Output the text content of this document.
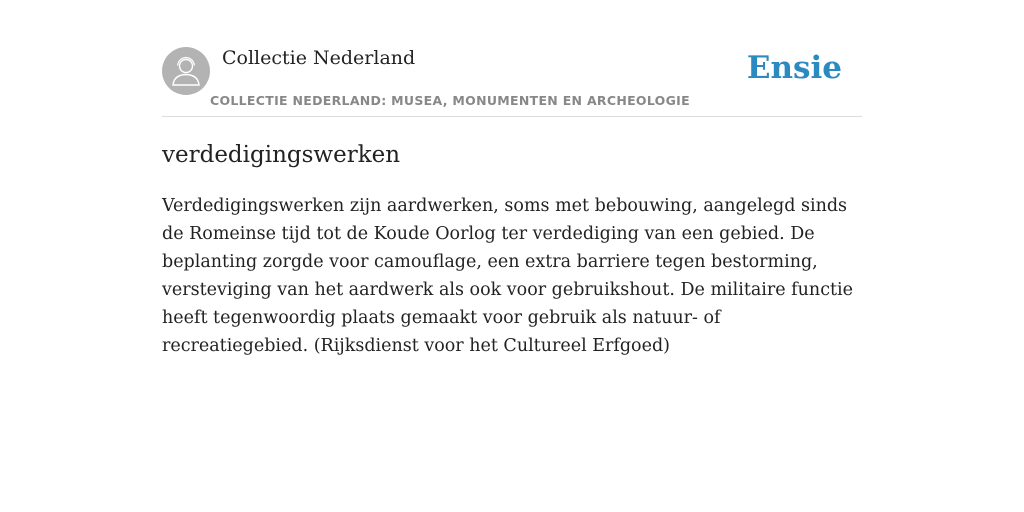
Collectie Nederland
COLLECTIE NEDERLAND: MUSEA, MONUMENTEN EN ARCHEOLOGIE
Ensie
verdedigingswerken

Verdedigingswerken zijn aardwerken, soms met bebouwing, aangelegd sinds de Romeinse tijd tot de Koude Oorlog ter verdediging van een gebied. De beplanting zorgde voor camouflage, een extra barriere tegen bestorming, versteviging van het aardwerk als ook voor gebruikshout. De militaire functie heeft tegenwoordig plaats gemaakt voor gebruik als natuur- of recreatiegebied. (Rijksdienst voor het Cultureel Erfgoed)
